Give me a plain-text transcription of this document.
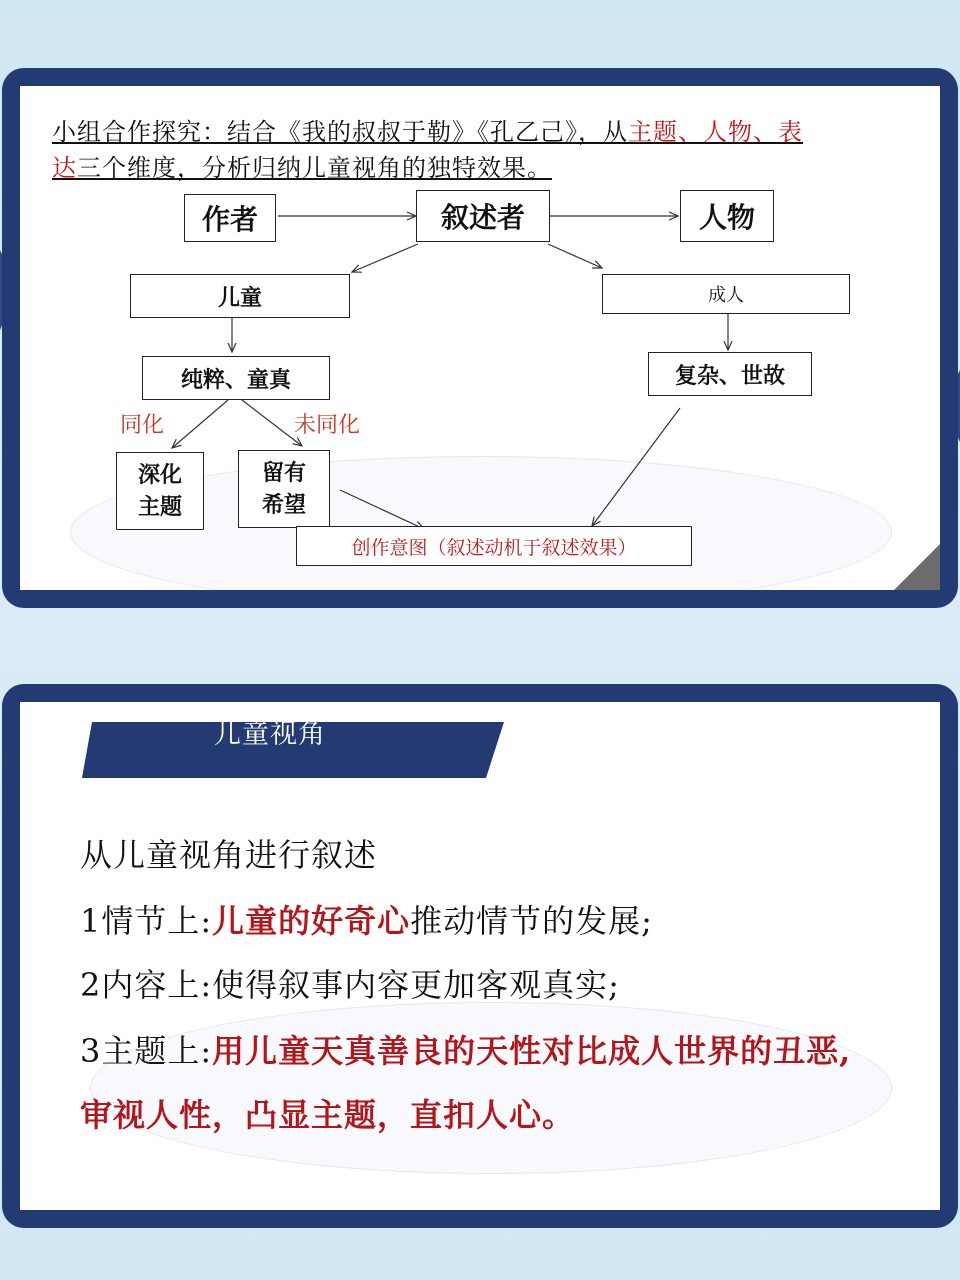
小组合作探究：结合《我的叔叔于勒》《孔乙己》，从主题、人物、表
达三个维度，分析归纳儿童视角的独特效果。
作者	叙述者	人物
儿童	成人
纯粹、童真	复杂、世故
同化	未同化
深化
主题
留有
希望
创作意图（叙述动机于叙述效果）
儿童视角
从儿童视角进行叙述
1情节上:儿童的好奇心推动情节的发展;
2内容上:使得叙事内容更加客观真实;
3主题上:用儿童天真善良的天性对比成人世界的丑恶,
审视人性，凸显主题，直扣人心。
